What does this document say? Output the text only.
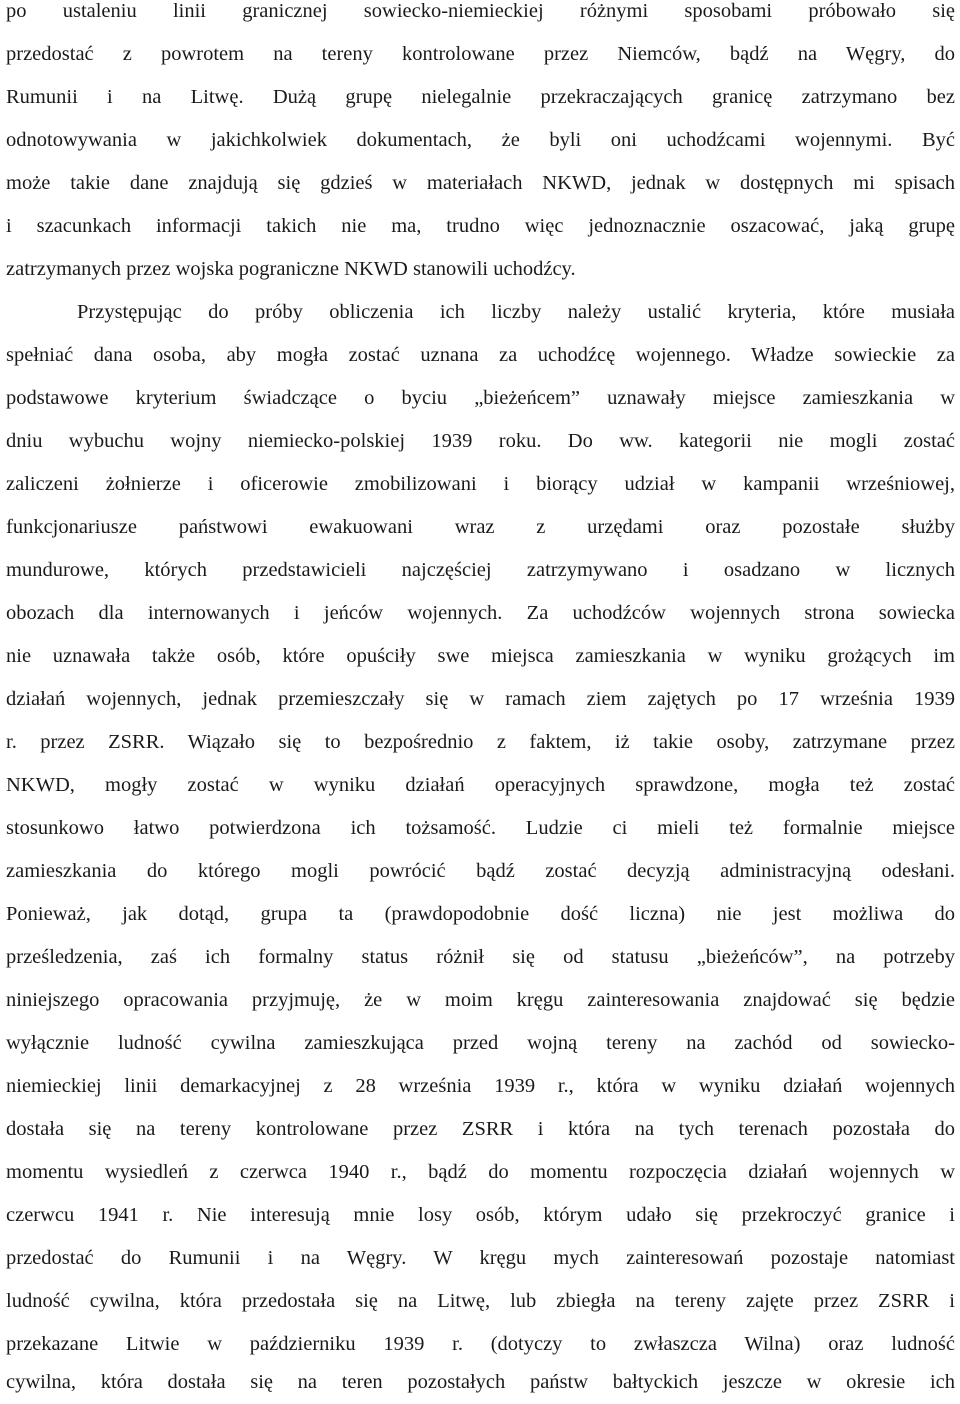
po ustaleniu linii granicznej sowiecko-niemieckiej różnymi sposobami próbowało się
przedostać z powrotem na tereny kontrolowane przez Niemców, bądź na Węgry, do
Rumunii i na Litwę. Dużą grupę nielegalnie przekraczających granicę zatrzymano bez
odnotowywania w jakichkolwiek dokumentach, że byli oni uchodźcami wojennymi. Być
może takie dane znajdują się gdzieś w materiałach NKWD, jednak w dostępnych mi spisach
i szacunkach informacji takich nie ma, trudno więc jednoznacznie oszacować, jaką grupę
zatrzymanych przez wojska pograniczne NKWD stanowili uchodźcy.
Przystępując do próby obliczenia ich liczby należy ustalić kryteria, które musiała
spełniać dana osoba, aby mogła zostać uznana za uchodźcę wojennego. Władze sowieckie za
podstawowe kryterium świadczące o byciu „bieżeńcem” uznawały miejsce zamieszkania w
dniu wybuchu wojny niemiecko-polskiej 1939 roku. Do ww. kategorii nie mogli zostać
zaliczeni żołnierze i oficerowie zmobilizowani i biorący udział w kampanii wrześniowej,
funkcjonariusze państwowi ewakuowani wraz z urzędami oraz pozostałe służby
mundurowe, których przedstawicieli najczęściej zatrzymywano i osadzano w licznych
obozach dla internowanych i jeńców wojennych. Za uchodźców wojennych strona sowiecka
nie uznawała także osób, które opuściły swe miejsca zamieszkania w wyniku grożących im
działań wojennych, jednak przemieszczały się w ramach ziem zajętych po 17 września 1939
r. przez ZSRR. Wiązało się to bezpośrednio z faktem, iż takie osoby, zatrzymane przez
NKWD, mogły zostać w wyniku działań operacyjnych sprawdzone, mogła też zostać
stosunkowo łatwo potwierdzona ich tożsamość. Ludzie ci mieli też formalnie miejsce
zamieszkania do którego mogli powrócić bądź zostać decyzją administracyjną odesłani.
Ponieważ, jak dotąd, grupa ta (prawdopodobnie dość liczna) nie jest możliwa do
prześledzenia, zaś ich formalny status różnił się od statusu „bieżeńców”, na potrzeby
niniejszego opracowania przyjmuję, że w moim kręgu zainteresowania znajdować się będzie
wyłącznie ludność cywilna zamieszkująca przed wojną tereny na zachód od sowiecko-
niemieckiej linii demarkacyjnej z 28 września 1939 r., która w wyniku działań wojennych
dostała się na tereny kontrolowane przez ZSRR i która na tych terenach pozostała do
momentu wysiedleń z czerwca 1940 r., bądź do momentu rozpoczęcia działań wojennych w
czerwcu 1941 r. Nie interesują mnie losy osób, którym udało się przekroczyć granice i
przedostać do Rumunii i na Węgry. W kręgu mych zainteresowań pozostaje natomiast
ludność cywilna, która przedostała się na Litwę, lub zbiegła na tereny zajęte przez ZSRR i
przekazane Litwie w październiku 1939 r. (dotyczy to zwłaszcza Wilna) oraz ludność
cywilna, która dostała się na teren pozostałych państw bałtyckich jeszcze w okresie ich
